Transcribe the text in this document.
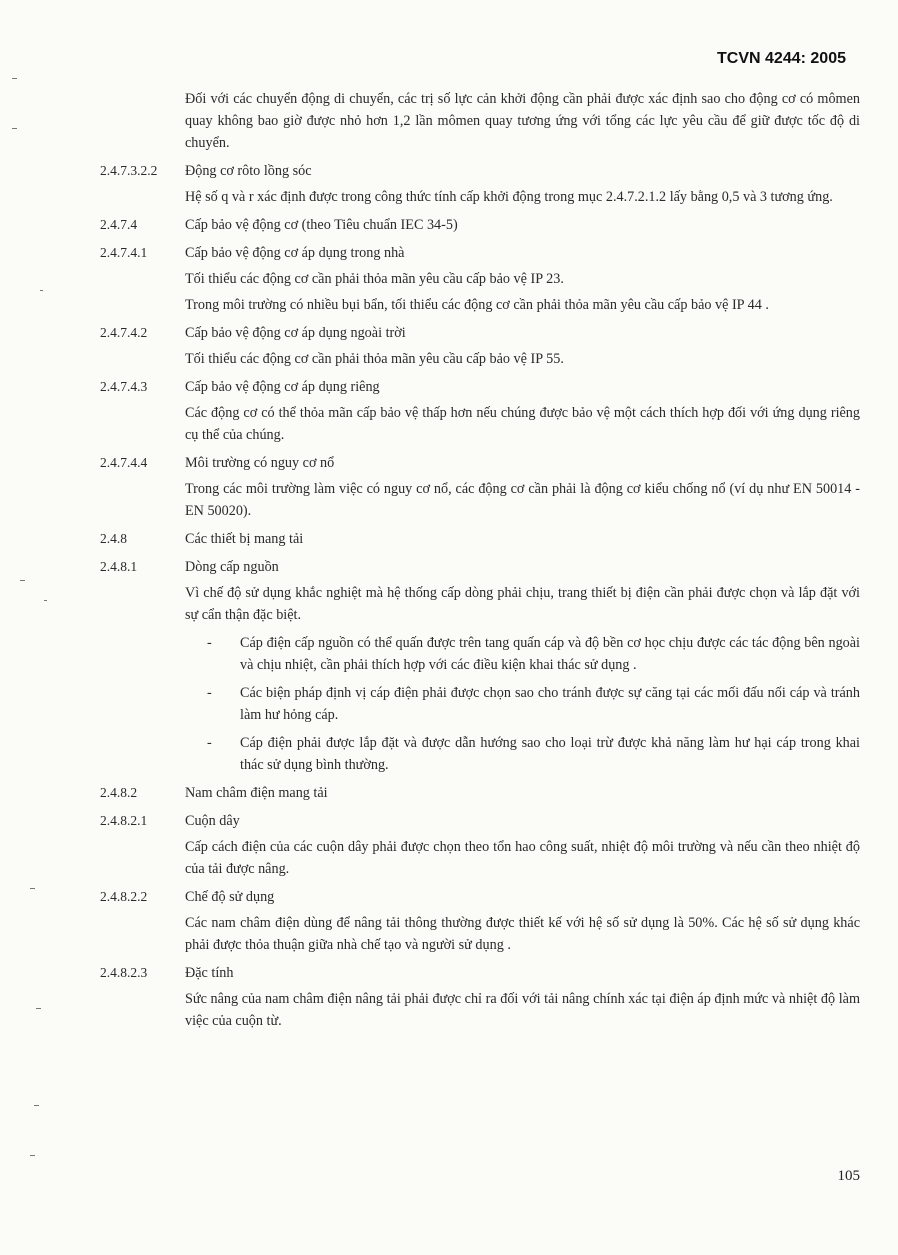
TCVN 4244: 2005

Đối với các chuyển động di chuyển, các trị số lực cản khởi động cần phải được xác định sao cho động cơ có mômen quay không bao giờ được nhỏ hơn 1,2 lần mômen quay tương ứng với tổng các lực yêu cầu để giữ được tốc độ di chuyển.

2.4.7.3.2.2	Động cơ rôto lồng sóc

Hệ số q và r xác định được trong công thức tính cấp khởi động trong mục 2.4.7.2.1.2 lấy bằng 0,5 và 3 tương ứng.

2.4.7.4	Cấp bảo vệ động cơ (theo Tiêu chuẩn IEC 34-5)
2.4.7.4.1	Cấp bảo vệ động cơ áp dụng trong nhà

Tối thiểu các động cơ cần phải thỏa mãn yêu cầu cấp bảo vệ IP 23.

Trong môi trường có nhiều bụi bẩn, tối thiểu các động cơ cần phải thỏa mãn yêu cầu cấp bảo vệ IP 44 .

2.4.7.4.2	Cấp bảo vệ động cơ áp dụng ngoài trời

Tối thiểu các động cơ cần phải thỏa mãn yêu cầu cấp bảo vệ IP 55.

2.4.7.4.3	Cấp bảo vệ động cơ áp dụng riêng

Các động cơ có thể thỏa mãn cấp bảo vệ thấp hơn nếu chúng được bảo vệ một cách thích hợp đối với ứng dụng riêng cụ thể của chúng.

2.4.7.4.4	Môi trường có nguy cơ nổ

Trong các môi trường làm việc có nguy cơ nổ, các động cơ cần phải là động cơ kiểu chống nổ (ví dụ như EN 50014 - EN 50020).

2.4.8	Các thiết bị mang tải
2.4.8.1	Dòng cấp nguồn

Vì chế độ sử dụng khắc nghiệt mà hệ thống cấp dòng phải chịu, trang thiết bị điện cần phải được chọn và lắp đặt với sự cẩn thận đặc biệt.

-	Cáp điện cấp nguồn có thể quấn được trên tang quấn cáp và độ bền cơ học chịu được các tác động bên ngoài và chịu nhiệt, cần phải thích hợp với các điều kiện khai thác sử dụng .
-	Các biện pháp định vị cáp điện phải được chọn sao cho tránh được sự căng tại các mối đấu nối cáp và tránh làm hư hỏng cáp.
-	Cáp điện phải được lắp đặt và được dẫn hướng sao cho loại trừ được khả năng làm hư hại cáp trong khai thác sử dụng bình thường.
2.4.8.2	Nam châm điện mang tải
2.4.8.2.1	Cuộn dây

Cấp cách điện của các cuộn dây phải được chọn theo tổn hao công suất, nhiệt độ môi trường và nếu cần theo nhiệt độ của tải được nâng.

2.4.8.2.2	Chế độ sử dụng

Các nam châm điện dùng để nâng tải thông thường được thiết kế với hệ số sử dụng là 50%. Các hệ số sử dụng khác phải được thỏa thuận giữa nhà chế tạo và người sử dụng .

2.4.8.2.3	Đặc tính

Sức nâng của nam châm điện nâng tải phải được chỉ ra đối với tải nâng chính xác tại điện áp định mức và nhiệt độ làm việc của cuộn từ.

105
